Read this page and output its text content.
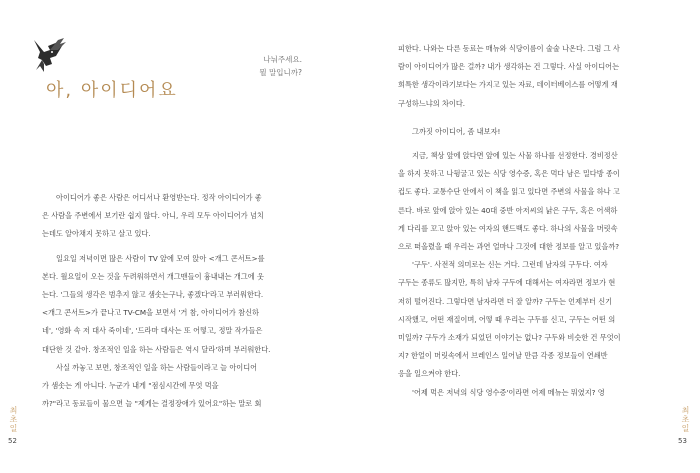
나눠주세요.
뭘 말입니까?
아, 아이디어요

아이디어가 좋은 사람은 어디서나 환영받는다. 정작 아이디어가 좋
은 사람을 주변에서 보기란 쉽지 않다. 아니, 우리 모두 아이디어가 넘치
는데도 알아채지 못하고 살고 있다.

일요일 저녁이면 많은 사람이 TV 앞에 모여 앉아 <개그 콘서트>를
본다. 월요일이 오는 것을 두려워하면서 개그맨들이 흉내내는 개그에 웃
는다. '그들의 생각은 범추지 않고 샘솟는구나, 좋겠다'라고 부러워한다.
<개그 콘서트>가 끝나고 TV-CM을 보면서 '거 참, 아이디어가 참신하
네', '영화 속 저 대사 죽이네', '드라마 대사는 또 어떻고, 정말 작가들은
대단한 것 같아. 창조적인 일을 하는 사람들은 역시 달라'하며 부러워한다.

사실 까놓고 보면, 창조적인 일을 하는 사람들이라고 늘 아이디어
가 샘솟는 게 아니다. 누군가 내게 "점심시간에 무엇 먹을
까?"라고 동료들이 물으면 늘 "제게는 결정장애가 있어요"하는 말로 회

최초일
52

피한다. 나와는 다른 동료는 매뉴와 식당이름이 술술 나온다. 그럼 그 사
람이 아이디어가 많은 걸까? 내가 생각하는 건 그렇다. 사실 아이디어는
희특한 생각이라기보다는 가지고 있는 자료, 데이터베이스를 어떻게 재
구성하느냐의 차이다.

그까짓 아이디어, 좀 내보자!

지금, 책상 앞에 앉다면 앞에 있는 사물 하나를 선정한다. 경비정산
을 하지 못하고 나뒹굴고 있는 식당 영수증, 혹은 먹다 남은 밀다방 종이
컵도 좋다. 교통수단 안에서 이 책을 읽고 있다면 주변의 사물을 하나 고
른다. 바로 앞에 앉아 있는 40대 중반 아저씨의 낡은 구두, 혹은 어색하
게 다리를 꼬고 앉아 있는 여자의 핸드백도 좋다. 하나의 사물을 머릿속
으로 떠올렸을 때 우리는 과연 얼마나 그것에 대한 정보를 알고 있을까?

'구두'. 사전적 의미로는 신는 거다. 그런데 남자의 구두다. 여자
구두는 종류도 많지만, 특히 남자 구두에 대해서는 여자라면 정보가 현
저히 떨어진다. 그렇다면 남자라면 더 잘 알까? 구두는 언제부터 신기
시작했고, 어떤 재질이며, 어떻 때 우리는 구두를 신고, 구두는 어떤 의
미일까? 구두가 소재가 되었던 이야기는 없나? 구두와 비슷한 건 무엇이
지? 한얼이 머릿속에서 브레인스 일어날 만큼 각종 정보들이 연쇄반
응을 일으켜야 한다.

'어제 먹은 저녁의 식당 영수증'이라면 어제 메뉴는 뭐였지? 영

최초일
53
